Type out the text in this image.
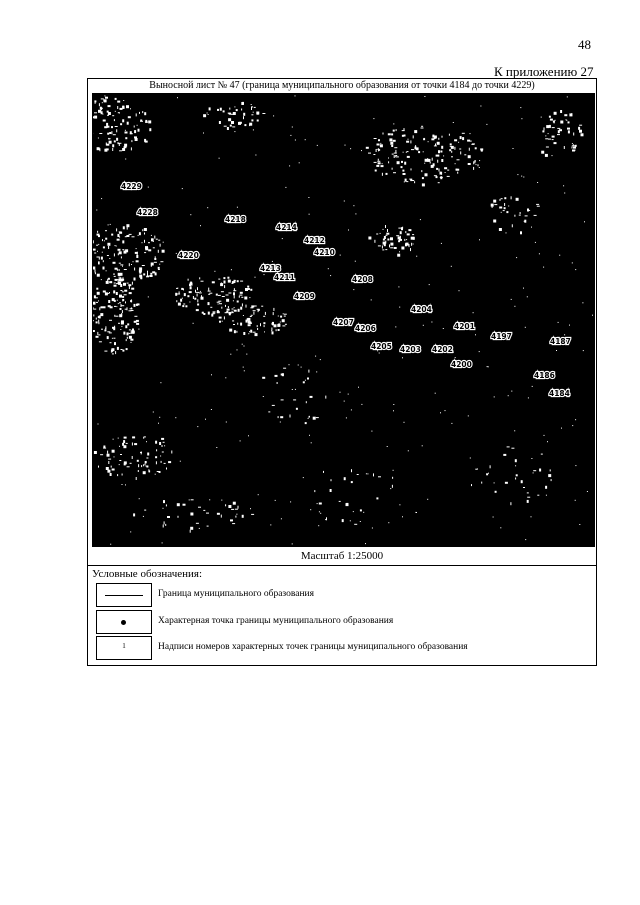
48
К приложению 27
Выносной лист № 47 (граница муниципального образования от точки 4184 до точки 4229)
4229
4228
4218
4214
4212
4210
4220
4213
4211	4208
4209
4204
4207
4206	4201
4197
4187
4205 4203 4202
4200
4186
4184
Масштаб 1:25000
Условные обозначения:
Граница муниципального образования
Характерная точка границы муниципального образования
1	Надписи номеров характерных точек границы муниципального образования
